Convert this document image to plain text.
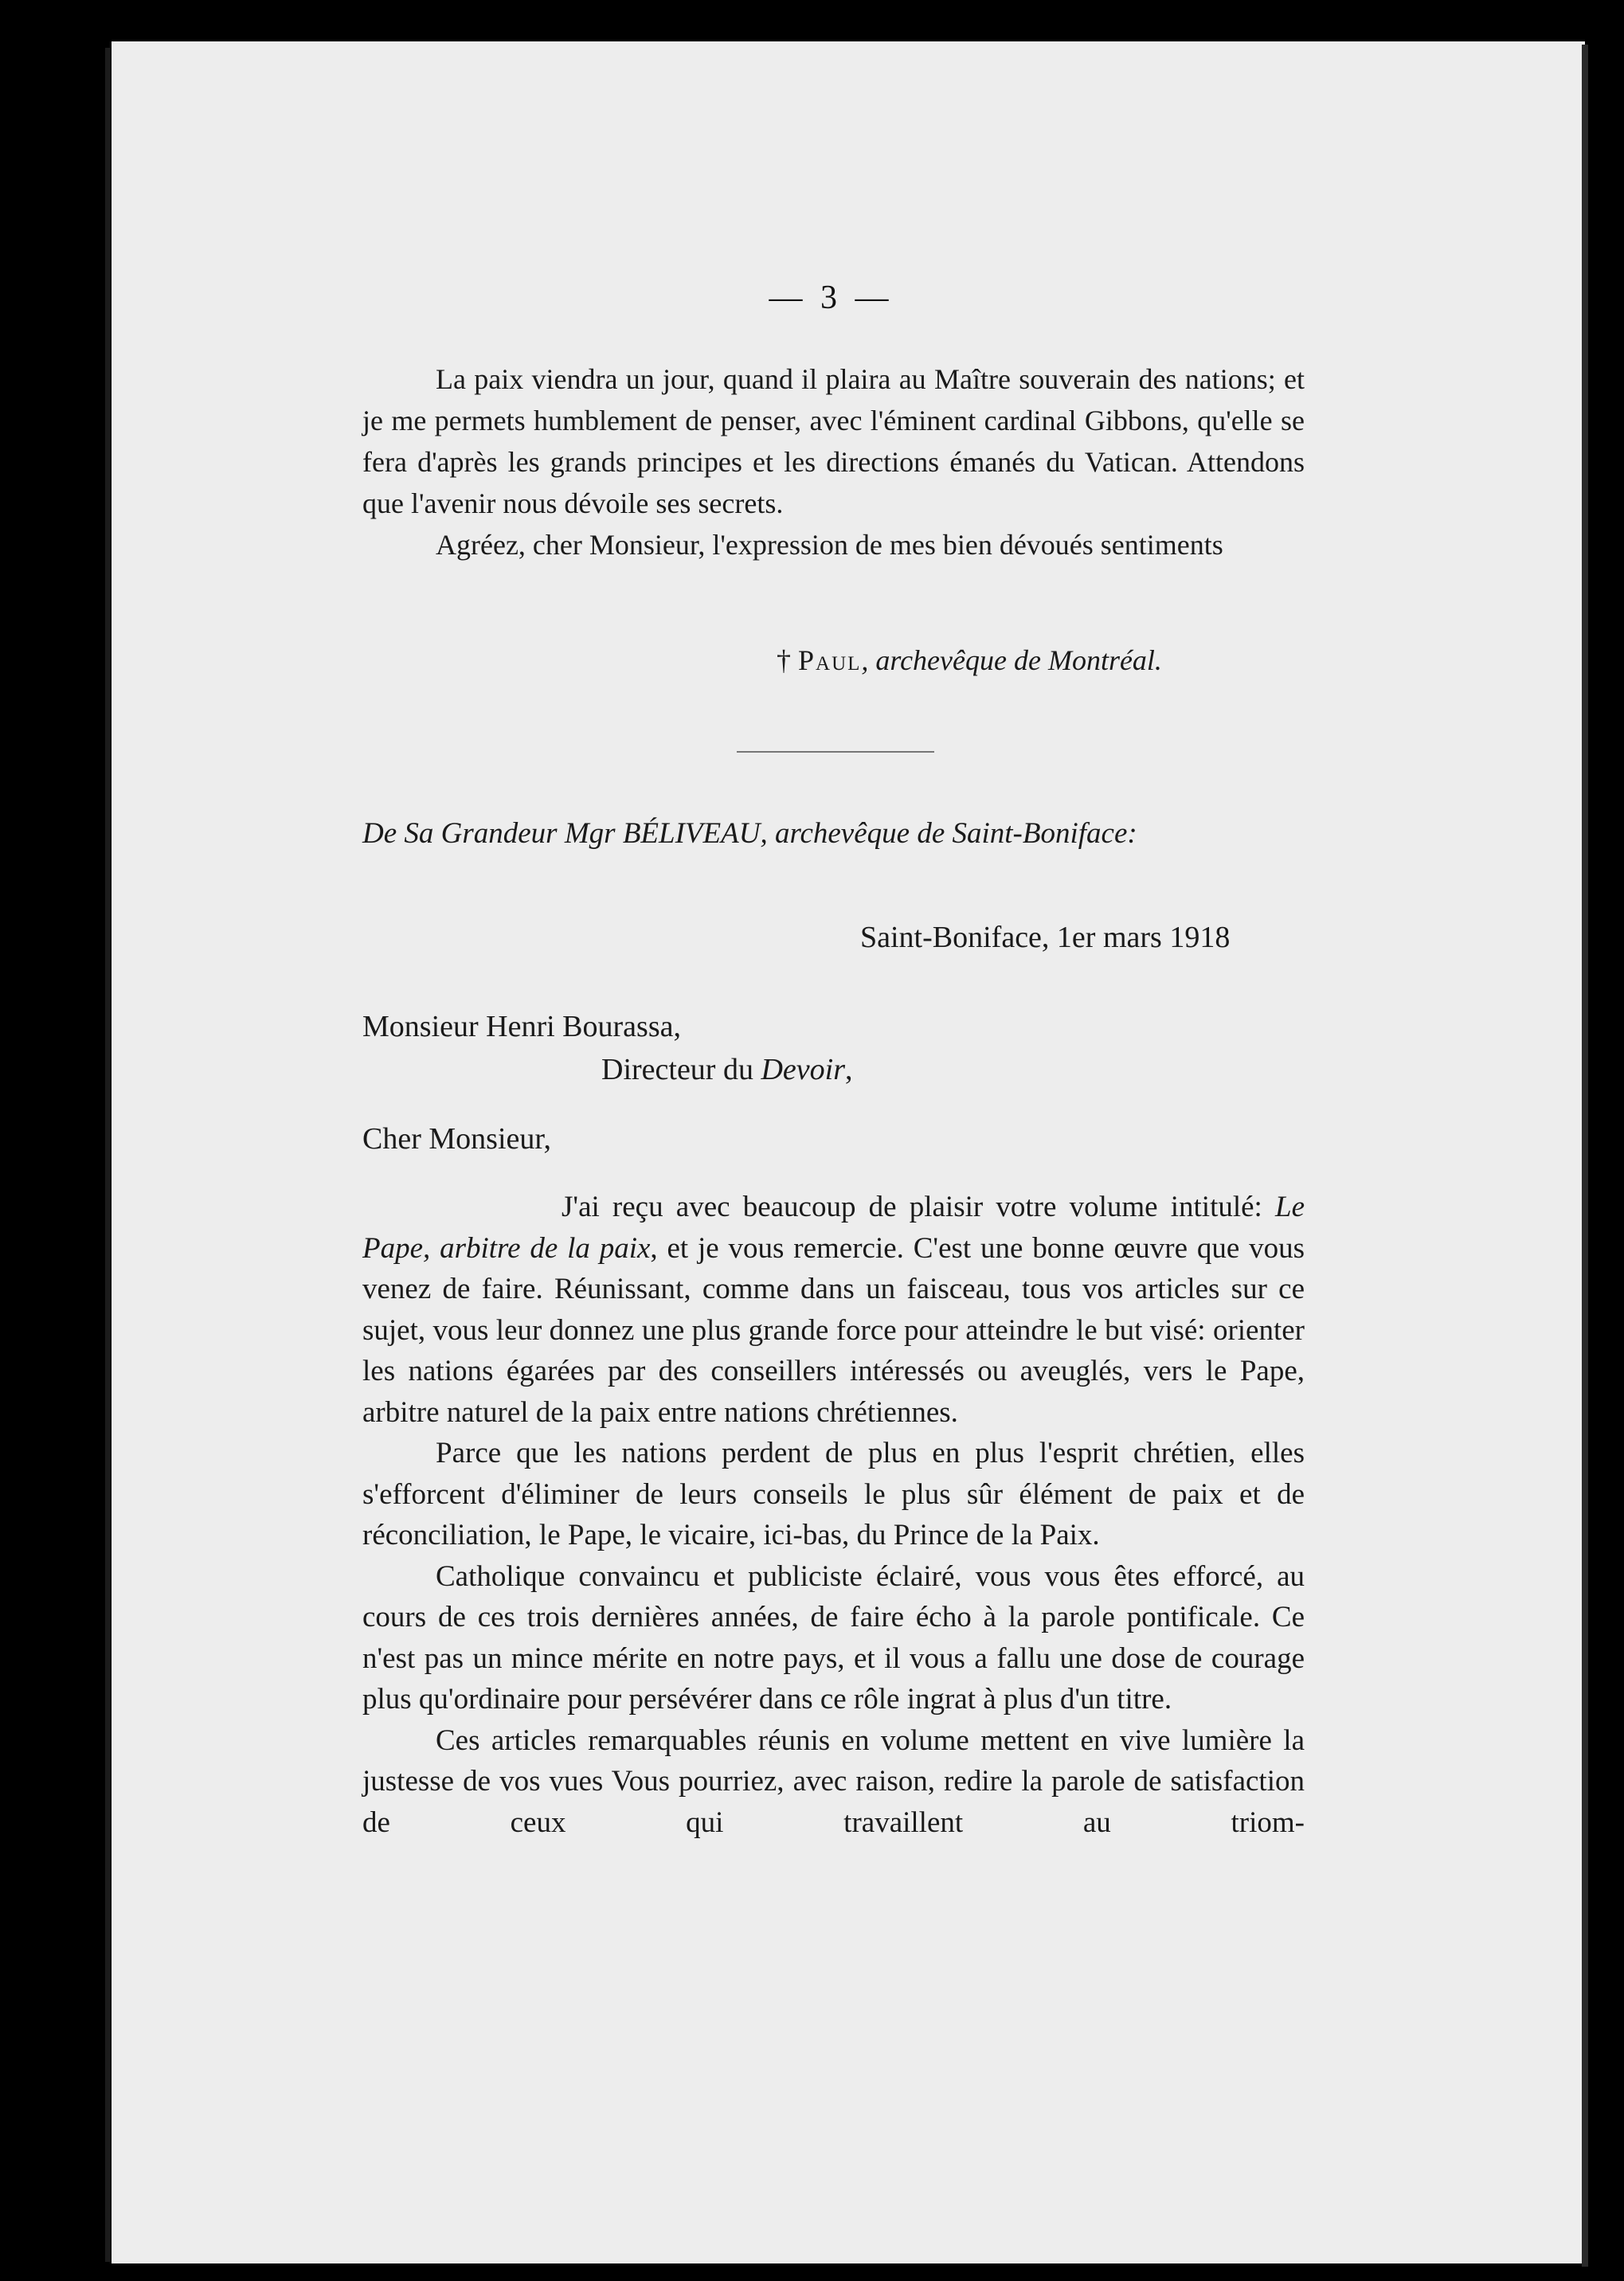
— 3 —

La paix viendra un jour, quand il plaira au Maître souverain des nations; et je me permets humblement de penser, avec l'éminent cardinal Gibbons, qu'elle se fera d'après les grands principes et les directions émanés du Vatican. Attendons que l'avenir nous dévoile ses secrets.

Agréez, cher Monsieur, l'expression de mes bien dévoués sentiments

† Paul, archevêque de Montréal.
De Sa Grandeur Mgr BÉLIVEAU, archevêque de Saint-Boniface:
Saint-Boniface, 1er mars 1918
Monsieur Henri Bourassa,
Directeur du Devoir,
Cher Monsieur,

J'ai reçu avec beaucoup de plaisir votre volume intitulé: Le Pape, arbitre de la paix, et je vous remercie. C'est une bonne œuvre que vous venez de faire. Réunissant, comme dans un faisceau, tous vos articles sur ce sujet, vous leur donnez une plus grande force pour atteindre le but visé: orienter les nations égarées par des conseillers intéressés ou aveuglés, vers le Pape, arbitre naturel de la paix entre nations chrétiennes.

Parce que les nations perdent de plus en plus l'esprit chrétien, elles s'efforcent d'éliminer de leurs conseils le plus sûr élément de paix et de réconciliation, le Pape, le vicaire, ici-bas, du Prince de la Paix.

Catholique convaincu et publiciste éclairé, vous vous êtes efforcé, au cours de ces trois dernières années, de faire écho à la parole pontificale. Ce n'est pas un mince mérite en notre pays, et il vous a fallu une dose de courage plus qu'ordinaire pour persévérer dans ce rôle ingrat à plus d'un titre.

Ces articles remarquables réunis en volume mettent en vive lumière la justesse de vos vues Vous pourriez, avec raison, redire la parole de satisfaction de ceux qui travaillent au triom-
